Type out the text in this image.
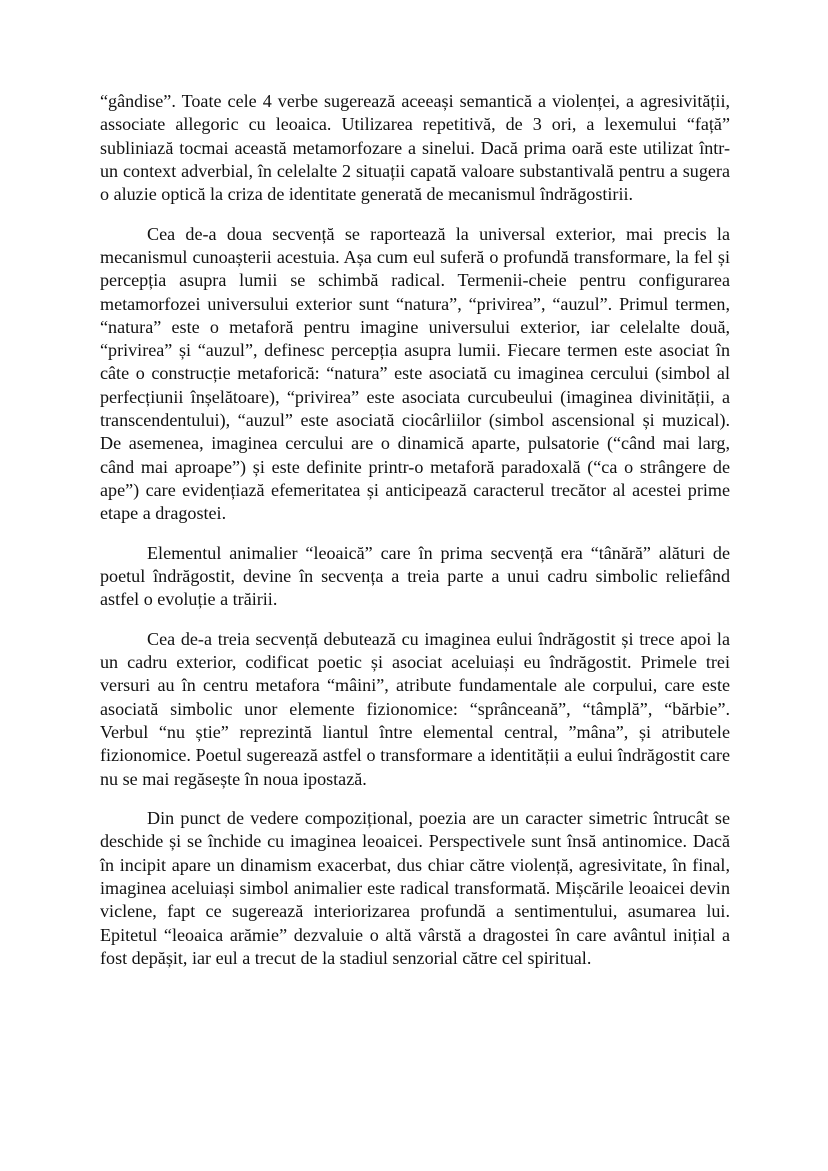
“gândise”. Toate cele 4 verbe sugerează aceeași semantică a violenței, a agresivității, associate allegoric cu leoaica. Utilizarea repetitivă, de 3 ori, a lexemului “față” subliniază tocmai această metamorfozare a sinelui. Dacă prima oară este utilizat într-un context adverbial, în celelalte 2 situații capată valoare substantivală pentru a sugera o aluzie optică la criza de identitate generată de mecanismul îndrăgostirii.

Cea de-a doua secvență se raportează la universal exterior, mai precis la mecanismul cunoașterii acestuia. Așa cum eul suferă o profundă transformare, la fel și percepția asupra lumii se schimbă radical. Termenii-cheie pentru configurarea metamorfozei universului exterior sunt “natura”, “privirea”, “auzul”. Primul termen, “natura” este o metaforă pentru imagine universului exterior, iar celelalte două, “privirea” și “auzul”, definesc percepția asupra lumii. Fiecare termen este asociat în câte o construcție metaforică: “natura” este asociată cu imaginea cercului (simbol al perfecțiunii înșelătoare), “privirea” este asociata curcubeului (imaginea divinității, a transcendentului), “auzul” este asociată ciocârliilor (simbol ascensional și muzical). De asemenea, imaginea cercului are o dinamică aparte, pulsatorie (“când mai larg, când mai aproape”) și este definite printr-o metaforă paradoxală (“ca o strângere de ape”) care evidențiază efemeritatea și anticipează caracterul trecător al acestei prime etape a dragostei.

Elementul animalier “leoaică” care în prima secvență era “tânără” alături de poetul îndrăgostit, devine în secvența a treia parte a unui cadru simbolic reliefând astfel o evoluție a trăirii.

Cea de-a treia secvență debutează cu imaginea eului îndrăgostit și trece apoi la un cadru exterior, codificat poetic și asociat aceluiași eu îndrăgostit. Primele trei versuri au în centru metafora “mâini”, atribute fundamentale ale corpului, care este asociată simbolic unor elemente fizionomice: “sprânceană”, “tâmplă”, “bărbie”. Verbul “nu știe” reprezintă liantul între elemental central, ”mâna”, și atributele fizionomice. Poetul sugerează astfel o transformare a identității a eului îndrăgostit care nu se mai regăsește în noua ipostază.

Din punct de vedere compozițional, poezia are un caracter simetric întrucât se deschide și se închide cu imaginea leoaicei. Perspectivele sunt însă antinomice. Dacă în incipit apare un dinamism exacerbat, dus chiar către violență, agresivitate, în final, imaginea aceluiași simbol animalier este radical transformată. Mișcările leoaicei devin viclene, fapt ce sugerează interiorizarea profundă a sentimentului, asumarea lui. Epitetul “leoaica arămie” dezvaluie o altă vârstă a dragostei în care avântul inițial a fost depășit, iar eul a trecut de la stadiul senzorial către cel spiritual.
